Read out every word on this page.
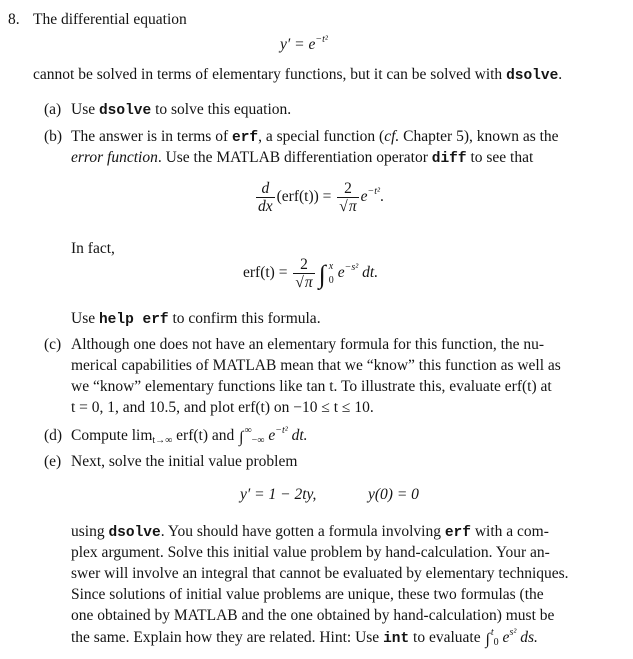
8. The differential equation
$y' = e^{-t^2}$
cannot be solved in terms of elementary functions, but it can be solved with dsolve.
(a) Use dsolve to solve this equation.
(b) The answer is in terms of erf, a special function (cf. Chapter 5), known as the
error function. Use the MATLAB differentiation operator diff to see that
$\frac{d}{dx} (erf(t)) = \frac{2}{√\pi} e^{-t^2}$.
In fact,
$erf(t) = \frac{2}{√\pi}$ ∫ x
0 $e^{-s^2}$ dt.
Use help erf to confirm this formula.
(c) Although one does not have an elementary formula for this function, the nu-
merical capabilities of MATLAB mean that we “know” this function as well as
we “know” elementary functions like tan t. To illustrate this, evaluate erf(t) at
t = 0, 1, and 10.5, and plot erf(t) on −10 ≤ t ≤ 10.
(d) Compute $\lim_{t\to\infty} erf(t)$ and $\int^\infty_{-\infty}$ $e^{-t^2}$ dt.
(e) Next, solve the initial value problem
y′ = 1 − 2ty,	y(0) = 0
using dsolve. You should have gotten a formula involving erf with a com-
plex argument. Solve this initial value problem by hand-calculation. Your an-
swer will involve an integral that cannot be evaluated by elementary techniques.
Since solutions of initial value problems are unique, these two formulas (the
one obtained by MATLAB and the one obtained by hand-calculation) must be
the same. Explain how they are related. Hint: Use int to evaluate ∫$^t_0$ $e^{s^2}$ ds.
